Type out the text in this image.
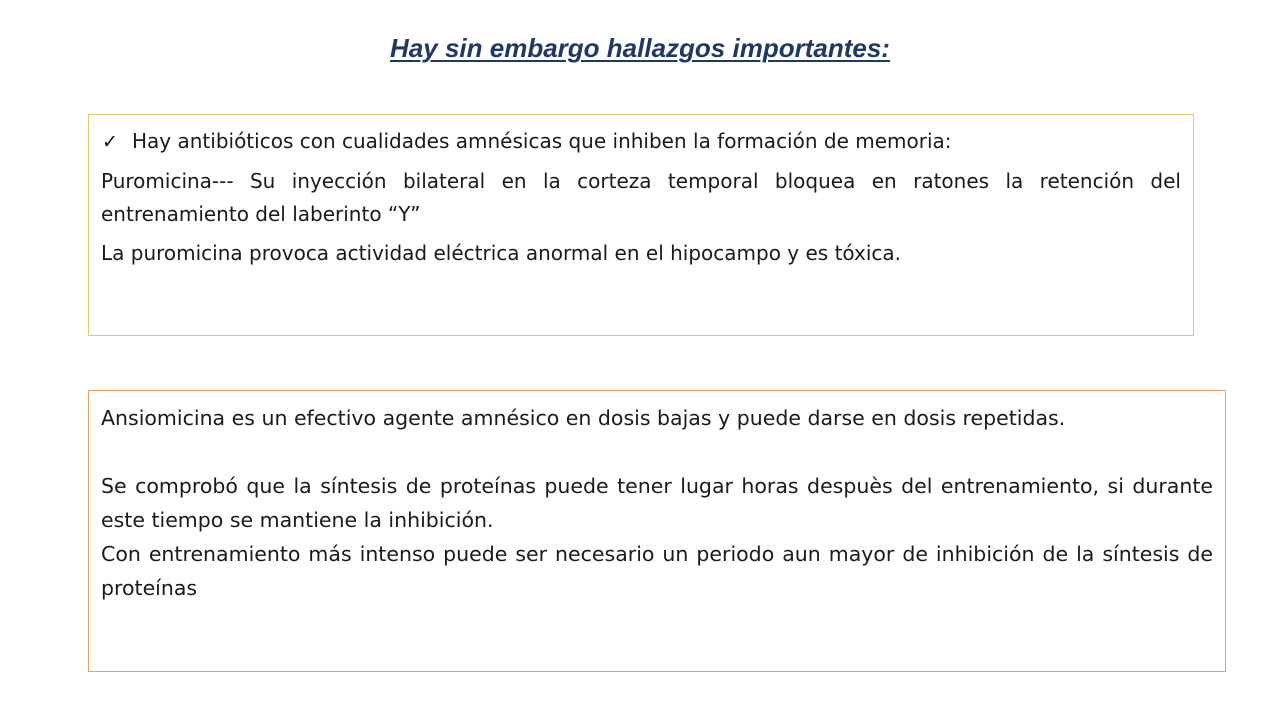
Hay sin embargo hallazgos importantes:

✓ Hay antibióticos con cualidades amnésicas que inhiben la formación de memoria:

Puromicina--- Su inyección bilateral en la corteza temporal bloquea en ratones la retención del entrenamiento del laberinto “Y”

La puromicina provoca actividad eléctrica anormal en el hipocampo y es tóxica.

Ansiomicina es un efectivo agente amnésico en dosis bajas y puede darse en dosis repetidas.

Se comprobó que la síntesis de proteínas puede tener lugar horas despuès del entrenamiento, si durante este tiempo se mantiene la inhibición.

Con entrenamiento más intenso puede ser necesario un periodo aun mayor de inhibición de la síntesis de proteínas
